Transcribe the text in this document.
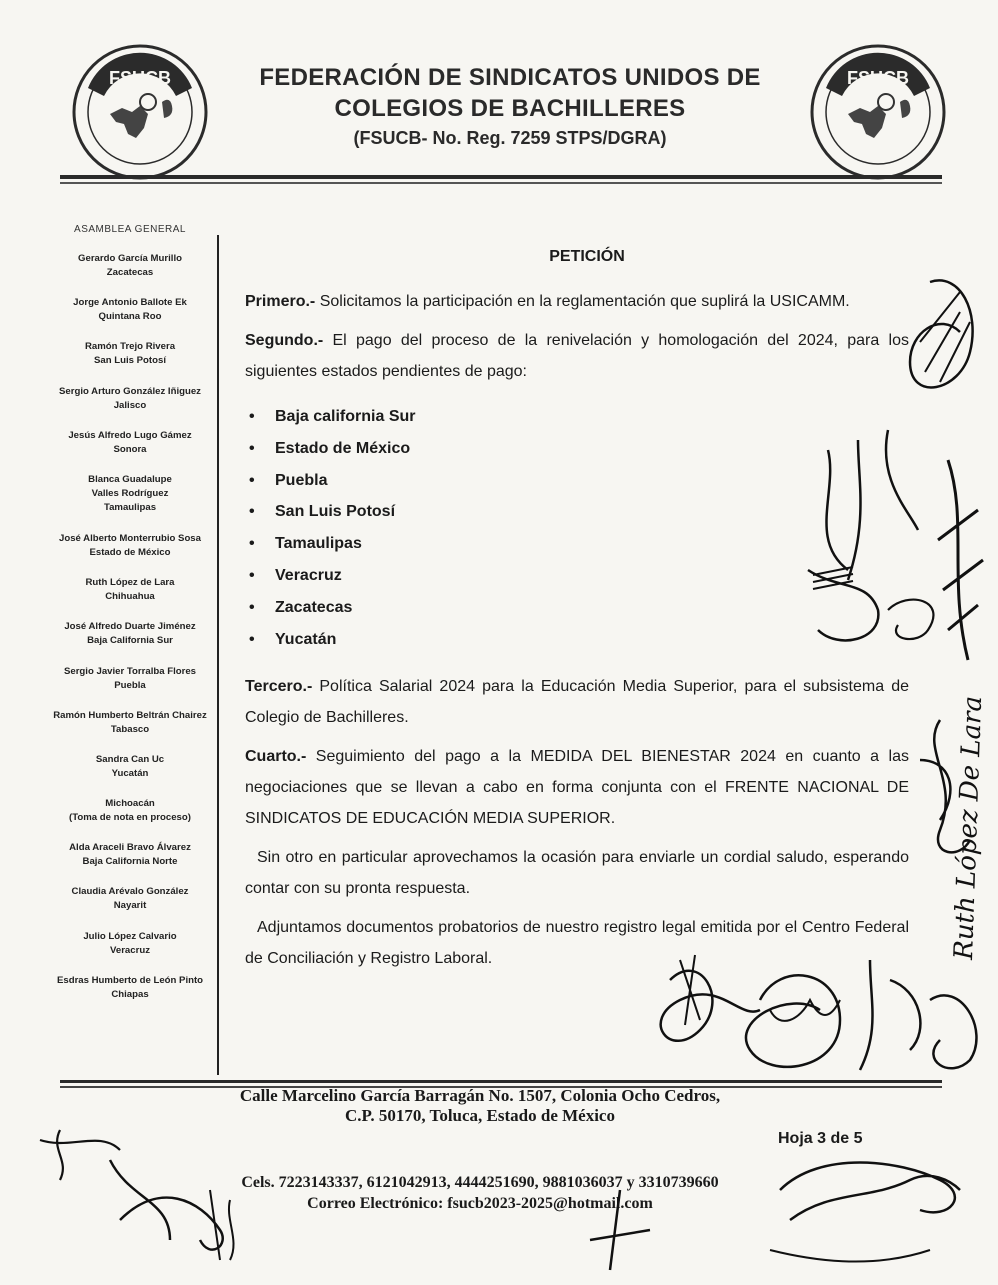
FSUCB	FSUCB
FEDERACIÓN DE SINDICATOS UNIDOS DE
COLEGIOS DE BACHILLERES
(FSUCB- No. Reg. 7259 STPS/DGRA)
ASAMBLEA GENERAL
Gerardo García Murillo
Zacatecas
Jorge Antonio Ballote Ek
Quintana Roo
Ramón Trejo Rivera
San Luis Potosí
Sergio Arturo González Iñiguez
Jalisco
Jesús Alfredo Lugo Gámez
Sonora
Blanca Guadalupe
Valles Rodríguez
Tamaulipas
José Alberto Monterrubio Sosa
Estado de México
Ruth López de Lara
Chihuahua
José Alfredo Duarte Jiménez
Baja California Sur
Sergio Javier Torralba Flores
Puebla
Ramón Humberto Beltrán Chairez
Tabasco
Sandra Can Uc
Yucatán
Michoacán
(Toma de nota en proceso)
Alda Araceli Bravo Álvarez
Baja California Norte
Claudia Arévalo González
Nayarit
Julio López Calvario
Veracruz
Esdras Humberto de León Pinto
Chiapas
PETICIÓN

Primero.- Solicitamos la participación en la reglamentación que suplirá la USICAMM.

Segundo.- El pago del proceso de la renivelación y homologación del 2024, para los siguientes estados pendientes de pago:

• Baja california Sur
• Estado de México
• Puebla
• San Luis Potosí
• Tamaulipas
• Veracruz
• Zacatecas
• Yucatán

Tercero.- Política Salarial 2024 para la Educación Media Superior, para el subsistema de Colegio de Bachilleres.

Cuarto.- Seguimiento del pago a la MEDIDA DEL BIENESTAR 2024 en cuanto a las negociaciones que se llevan a cabo en forma conjunta con el FRENTE NACIONAL DE SINDICATOS DE EDUCACIÓN MEDIA SUPERIOR.

Sin otro en particular aprovechamos la ocasión para enviarle un cordial saludo, esperando contar con su pronta respuesta.

Adjuntamos documentos probatorios de nuestro registro legal emitida por el Centro Federal de Conciliación y Registro Laboral.	Ruth López De Lara
Calle Marcelino García Barragán No. 1507, Colonia Ocho Cedros,
C.P. 50170, Toluca, Estado de México
Hoja 3 de 5
Cels. 7223143337, 6121042913, 4444251690, 9881036037 y 3310739660
Correo Electrónico: fsucb2023-2025@hotmail.com
